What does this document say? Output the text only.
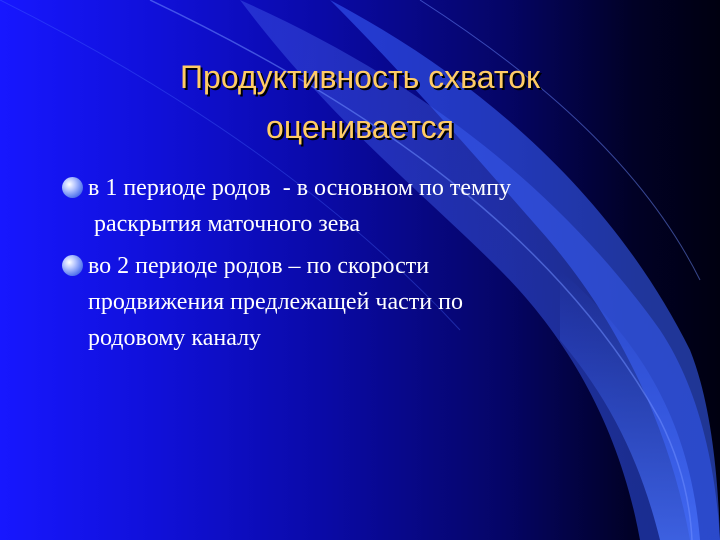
Продуктивность схваток
оценивается
в 1 периоде родов  - в основном по темпу
раскрытия маточного зева
во 2 периоде родов – по скорости
продвижения предлежащей части по
родовому каналу
